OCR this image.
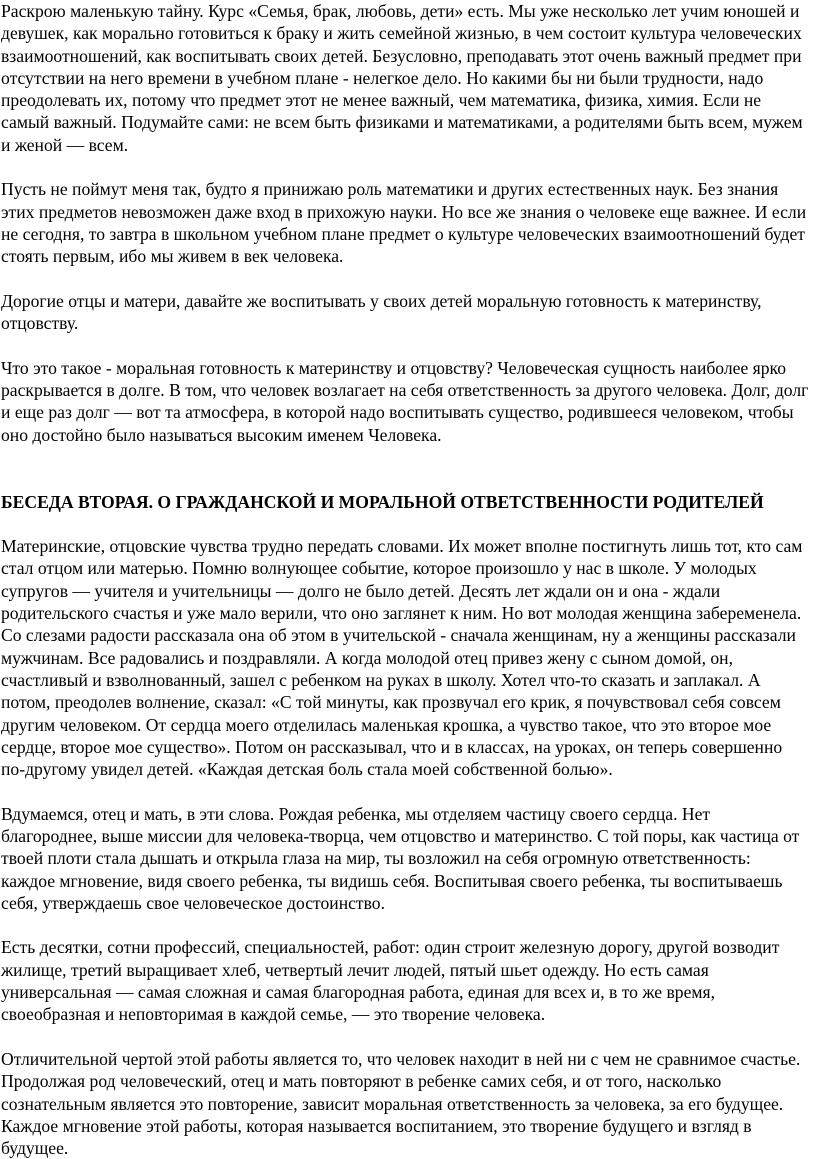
Раскрою маленькую тайну. Курс «Семья, брак, любовь, дети» есть. Мы уже несколько лет учим юношей и девушек, как морально готовиться к браку и жить семейной жизнью, в чем состоит культура человеческих взаимоотношений, как воспитывать своих детей. Безусловно, преподавать этот очень важный предмет при отсутствии на него времени в учебном плане - нелегкое дело. Но какими бы ни были трудности, надо преодолевать их, потому что предмет этот не менее важный, чем математика, физика, химия. Если не самый важный. Подумайте сами: не всем быть физиками и математиками, а родителями быть всем, мужем и женой — всем.

Пусть не поймут меня так, будто я принижаю роль математики и других естественных наук. Без знания этих предметов невозможен даже вход в прихожую науки. Но все же знания о человеке еще важнее. И если не сегодня, то завтра в школьном учебном плане предмет о культуре человеческих взаимоотношений будет стоять первым, ибо мы живем в век человека.

Дорогие отцы и матери, давайте же воспитывать у своих детей моральную готовность к материнству, отцовству.

Что это такое - моральная готовность к материнству и отцовству? Человеческая сущность наиболее ярко раскрывается в долге. В том, что человек возлагает на себя ответственность за другого человека. Долг, долг и еще раз долг — вот та атмосфера, в которой надо воспитывать существо, родившееся человеком, чтобы оно достойно было называться высоким именем Человека.

БЕСЕДА ВТОРАЯ. О ГРАЖДАНСКОЙ И МОРАЛЬНОЙ ОТВЕТСТВЕННОСТИ РОДИТЕЛЕЙ

Материнские, отцовские чувства трудно передать словами. Их может вполне постигнуть лишь тот, кто сам стал отцом или матерью. Помню волнующее событие, которое произошло у нас в школе. У молодых супругов — учителя и учительницы — долго не было детей. Десять лет ждали он и она - ждали родительского счастья и уже мало верили, что оно заглянет к ним. Но вот молодая женщина забеременела. Со слезами радости рассказала она об этом в учительской - сначала женщинам, ну а женщины рассказали мужчинам. Все радовались и поздравляли. А когда молодой отец привез жену с сыном домой, он, счастливый и взволнованный, зашел с ребенком на руках в школу. Хотел что-то сказать и заплакал. А потом, преодолев волнение, сказал: «С той минуты, как прозвучал его крик, я почувствовал себя совсем другим человеком. От сердца моего отделилась маленькая крошка, а чувство такое, что это второе мое сердце, второе мое существо». Потом он рассказывал, что и в классах, на уроках, он теперь совершенно по-другому увидел детей. «Каждая детская боль стала моей собственной болью».

Вдумаемся, отец и мать, в эти слова. Рождая ребенка, мы отделяем частицу своего сердца. Нет благороднее, выше миссии для человека-творца, чем отцовство и материнство. С той поры, как частица от твоей плоти стала дышать и открыла глаза на мир, ты возложил на себя огромную ответственность: каждое мгновение, видя своего ребенка, ты видишь себя. Воспитывая своего ребенка, ты воспитываешь себя, утверждаешь свое человеческое достоинство.

Есть десятки, сотни профессий, специальностей, работ: один строит железную дорогу, другой возводит жилище, третий выращивает хлеб, четвертый лечит людей, пятый шьет одежду. Но есть самая универсальная — самая сложная и самая благородная работа, единая для всех и, в то же время, своеобразная и неповторимая в каждой семье, — это творение человека.

Отличительной чертой этой работы является то, что человек находит в ней ни с чем не сравнимое счастье. Продолжая род человеческий, отец и мать повторяют в ребенке самих себя, и от того, насколько сознательным является это повторение, зависит моральная ответственность за человека, за его будущее. Каждое мгновение этой работы, которая называется воспитанием, это творение будущего и взгляд в будущее.
